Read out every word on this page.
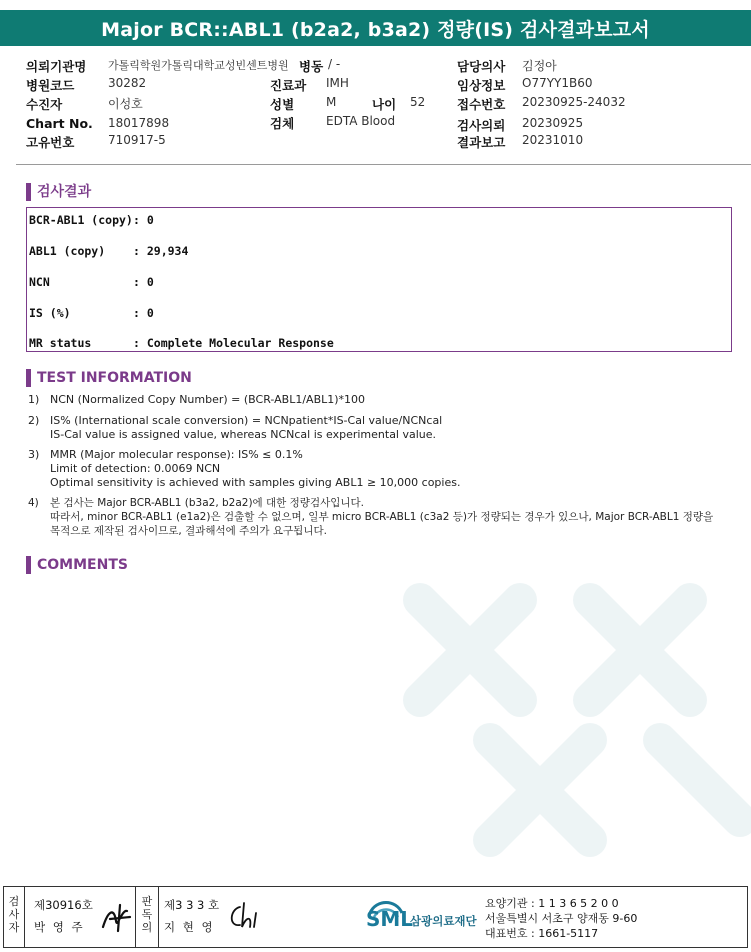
Major BCR::ABL1 (b2a2, b3a2) 정량(IS) 검사결과보고서
의뢰기관명 가톨릭학원가톨릭대학교성빈센트병원
병원코드	30282
수진자	이성호
Chart No. 18017898
고유번호	710917-5
병동 / -
진료과 IMH
성별	M	나이 52
검체	EDTA Blood
담당의사 김정아
임상정보 O77YY1B60
접수번호 20230925-24032
검사의뢰 20230925
결과보고 20231010
검사결과
BCR-ABL1 (copy) : 0
ABL1 (copy) : 29,934
NCN	: 0
IS (%)	: 0
MR status	: Complete Molecular Response
TEST INFORMATION
1) NCN (Normalized Copy Number) = (BCR-ABL1/ABL1)*100
2) IS% (International scale conversion) = NCNpatient*IS-Cal value/NCNcal
IS-Cal value is assigned value, whereas NCNcal is experimental value.
3) MMR (Major molecular response): IS% ≤ 0.1%
Limit of detection: 0.0069 NCN
Optimal sensitivity is achieved with samples giving ABL1 ≥ 10,000 copies.
4) 본 검사는 Major BCR-ABL1 (b3a2, b2a2)에 대한 정량검사입니다.
따라서, minor BCR-ABL1 (e1a2)은 검출할 수 없으며, 일부 micro BCR-ABL1 (c3a2 등)가 정량되는 경우가 있으나, Major BCR-ABL1 정량을
목적으로 제작된 검사이므로, 결과해석에 주의가 요구됩니다.
COMMENTS
검
사
자
제30916호
박 영 주
판
독
의
제3 3 3 호
지 현 영	SML
삼광의료재단
요양기관 : 1 1 3 6 5 2 0 0
서울특별시 서초구 양재동 9-60
대표번호 : 1661-5117
